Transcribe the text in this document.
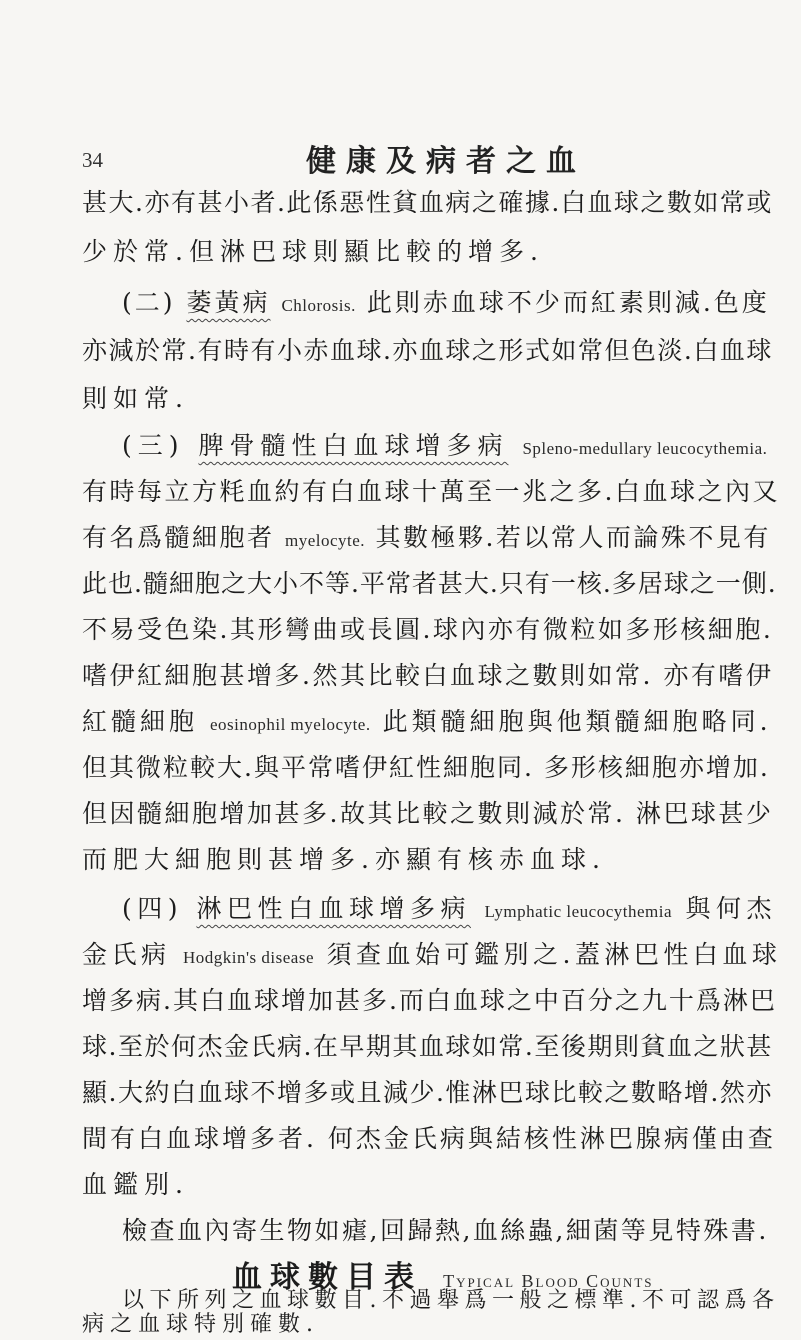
34	健康及病者之血
甚大.亦有甚小者.此係惡性貧血病之確據.白血球之數如常或
少於常.但淋巴球則顯比較的增多.
(二) 萎黃病 Chlorosis. 此則赤血球不少而紅素則減.色度
亦減於常.有時有小赤血球.亦血球之形式如常但色淡.白血球
則如常.
(三) 脾骨髓性白血球增多病 Spleno-medullary leucocythemia.
有時每立方粍血約有白血球十萬至一兆之多.白血球之內又
有名爲髓細胞者 myelocyte. 其數極夥.若以常人而論殊不見有
此也.髓細胞之大小不等.平常者甚大.只有一核.多居球之一側.
不易受色染.其形彎曲或長圓.球內亦有微粒如多形核細胞.
嗜伊紅細胞甚增多.然其比較白血球之數則如常. 亦有嗜伊
紅髓細胞 eosinophil myelocyte. 此類髓細胞與他類髓細胞略同.
但其微粒較大.與平常嗜伊紅性細胞同. 多形核細胞亦增加.
但因髓細胞增加甚多.故其比較之數則減於常. 淋巴球甚少
而肥大細胞則甚增多.亦顯有核赤血球.
(四) 淋巴性白血球增多病 Lymphatic leucocythemia 與何杰
金氏病 Hodgkin's disease 須查血始可鑑別之.蓋淋巴性白血球
增多病.其白血球增加甚多.而白血球之中百分之九十爲淋巴
球.至於何杰金氏病.在早期其血球如常.至後期則貧血之狀甚
顯.大約白血球不增多或且減少.惟淋巴球比較之數略增.然亦
間有白血球增多者. 何杰金氏病與結核性淋巴腺病僅由查
血鑑別.
檢查血內寄生物如瘧,回歸熱,血絲蟲,細菌等見特殊書.
血球數目表 Typical Blood Counts
以下所列之血球數目.不過舉爲一般之標準.不可認爲各
病之血球特別確數.
